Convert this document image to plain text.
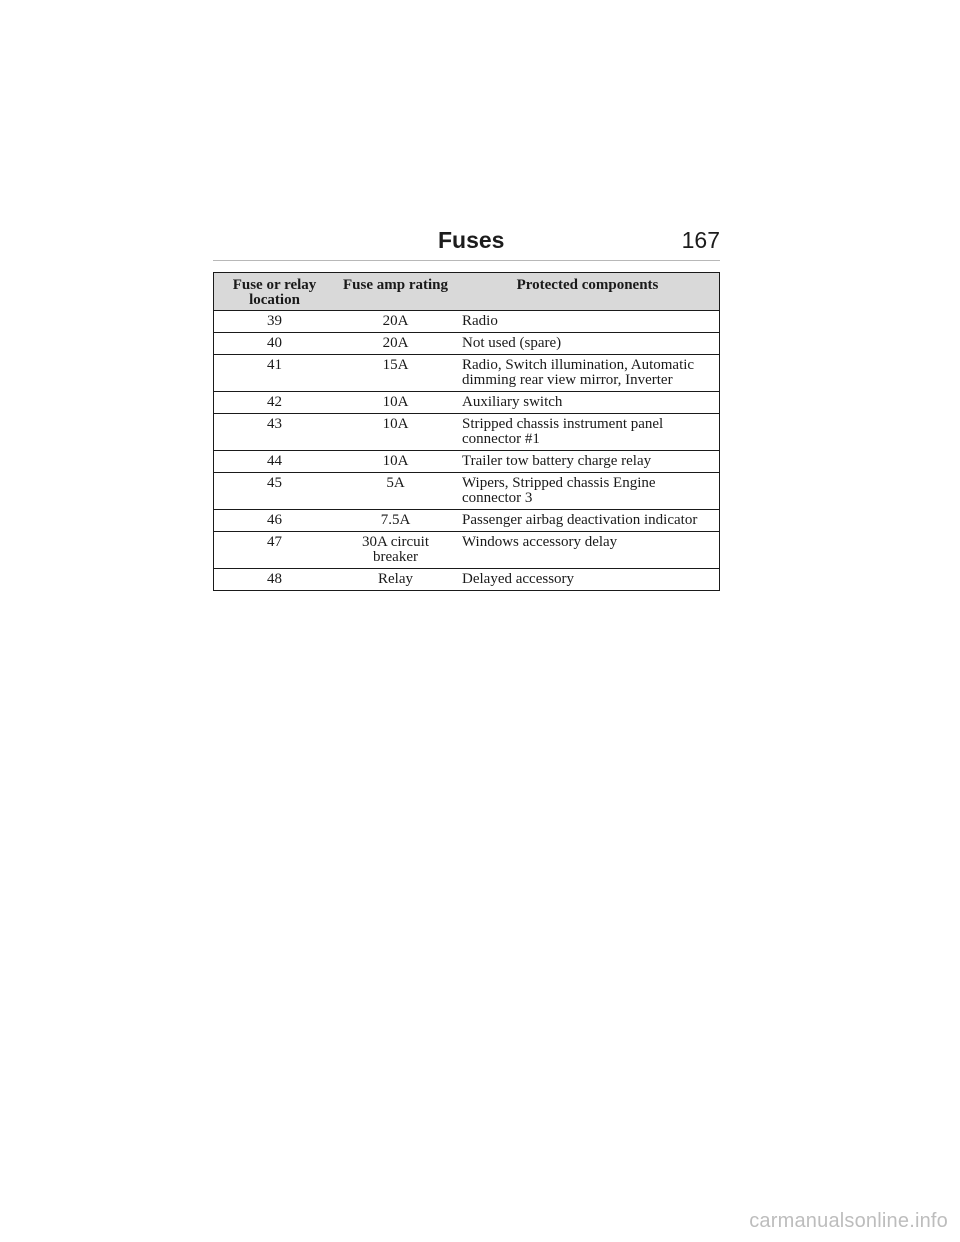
Fuses	167
Fuse or relay location	Fuse amp rating	Protected components
39	20A	Radio
40	20A	Not used (spare)
41	15A	Radio, Switch illumination, Automatic dimming rear view mirror, Inverter
42	10A	Auxiliary switch
43	10A	Stripped chassis instrument panel connector #1
44	10A	Trailer tow battery charge relay
45	5A	Wipers, Stripped chassis Engine connector 3
46	7.5A	Passenger airbag deactivation indicator
47	30A circuit breaker	Windows accessory delay
48	Relay	Delayed accessory
carmanualsonline.info
